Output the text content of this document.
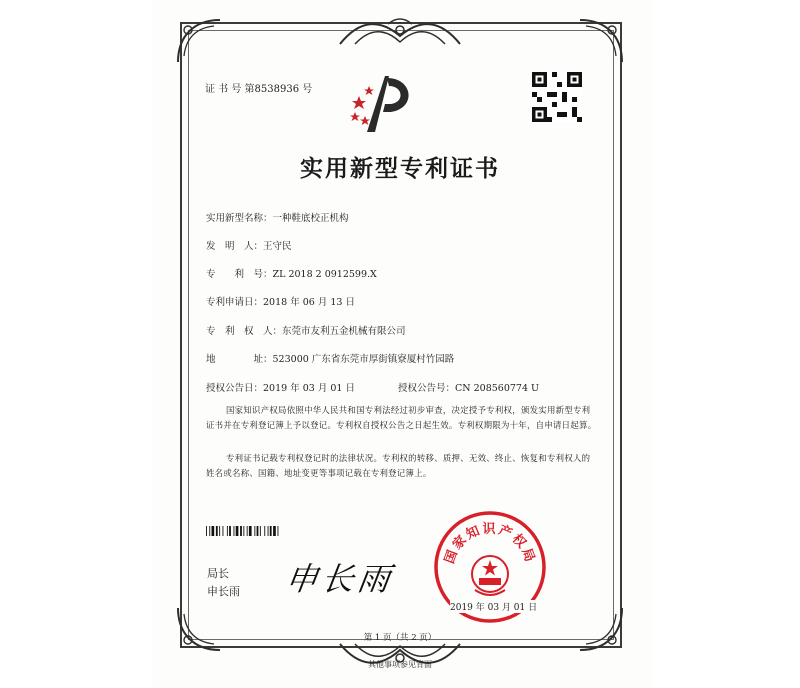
证 书 号 第8538936 号
实用新型专利证书
实用新型名称：一种鞋底校正机构
发　明　人：王守民
专　　利　号：ZL 2018 2 0912599.X
专利申请日：2018 年 06 月 13 日
专　利　权　人：东莞市友利五金机械有限公司
地　　　　址：523000 广东省东莞市厚街镇寮厦村竹园路
授权公告日：2019 年 03 月 01 日	授权公告号：CN 208560774 U
国家知识产权局依照中华人民共和国专利法经过初步审查，决定授予专利权，颁发实用新型专利证书并在专利登记簿上予以登记。专利权自授权公告之日起生效。专利权期限为十年，自申请日起算。
专利证书记载专利权登记时的法律状况。专利权的转移、质押、无效、终止、恢复和专利权人的姓名或名称、国籍、地址变更等事项记载在专利登记簿上。
局长
申长雨 申长雨
国家知识产权局
2019 年 03 月 01 日
第 1 页（共 2 页）
其他事项参见背面
